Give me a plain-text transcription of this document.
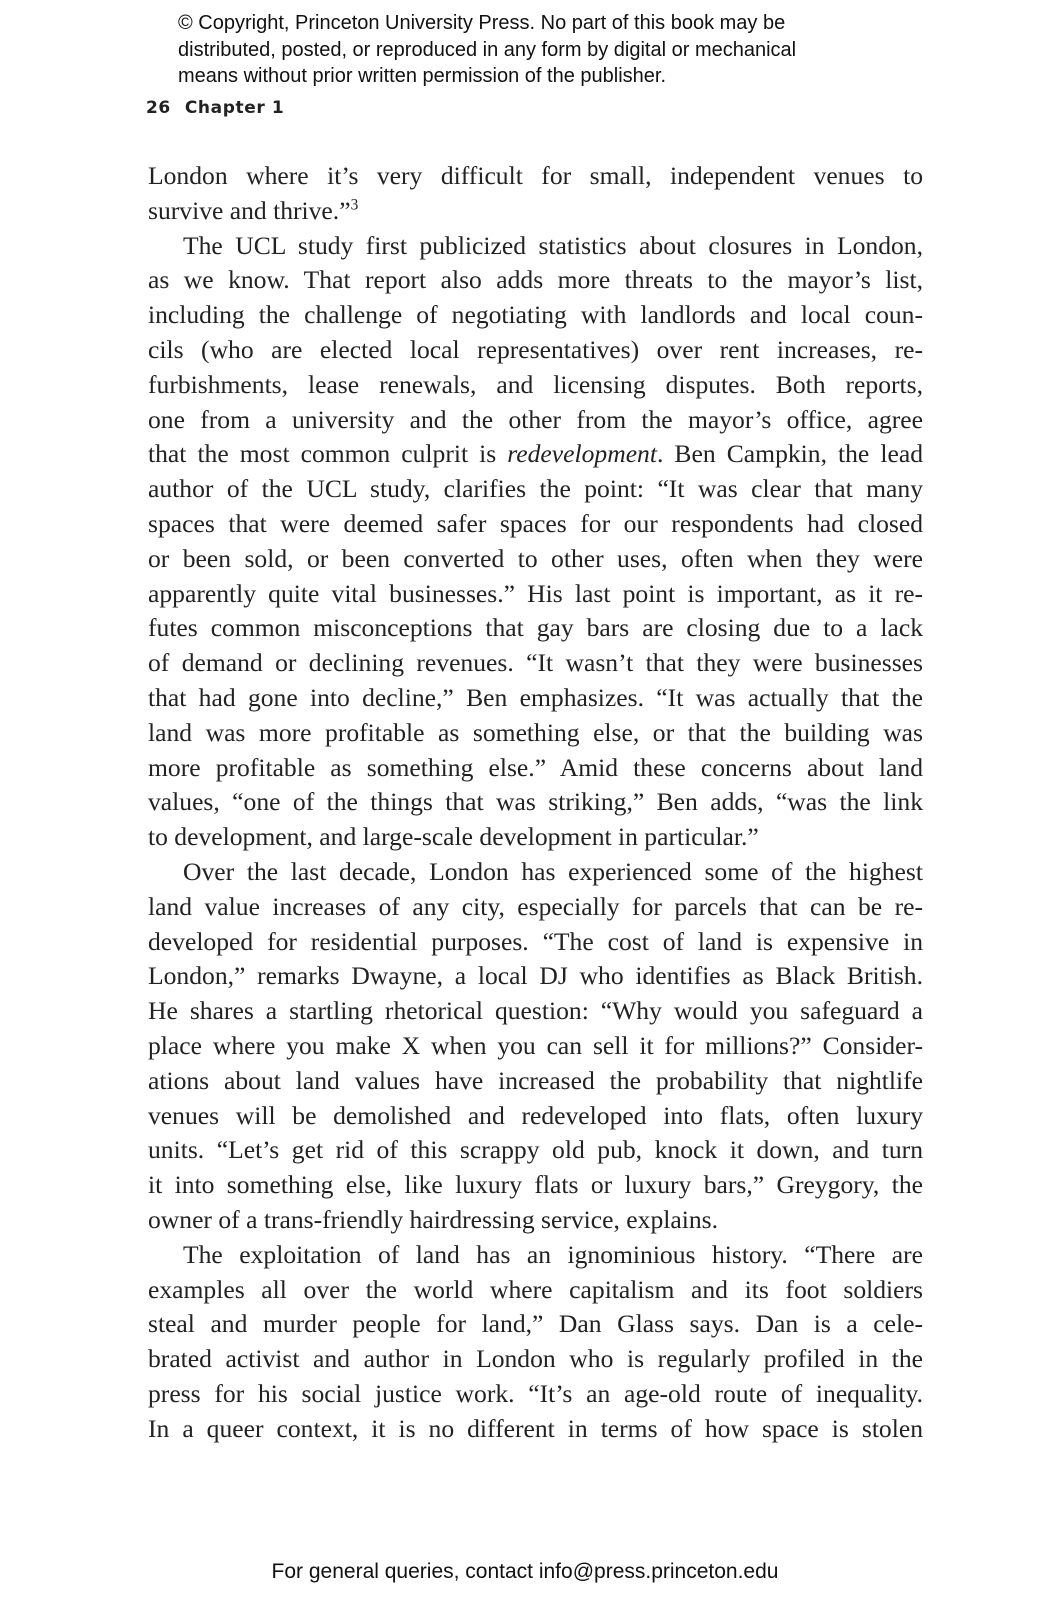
© Copyright, Princeton University Press. No part of this book may be
distributed, posted, or reproduced in any form by digital or mechanical
means without prior written permission of the publisher.
26 Chapter 1
London where it’s very difficult for small, independent venues to
survive and thrive.”$^3$
The UCL study first publicized statistics about closures in London,
as we know. That report also adds more threats to the mayor’s list,
including the challenge of negotiating with landlords and local coun-
cils (who are elected local representatives) over rent increases, re-
furbishments, lease renewals, and licensing disputes. Both reports,
one from a university and the other from the mayor’s office, agree
that the most common culprit is redevelopment. Ben Campkin, the lead
author of the UCL study, clarifies the point: “It was clear that many
spaces that were deemed safer spaces for our respondents had closed
or been sold, or been converted to other uses, often when they were
apparently quite vital businesses.” His last point is important, as it re-
futes common misconceptions that gay bars are closing due to a lack
of demand or declining revenues. “It wasn’t that they were businesses
that had gone into decline,” Ben emphasizes. “It was actually that the
land was more profitable as something else, or that the building was
more profitable as something else.” Amid these concerns about land
values, “one of the things that was striking,” Ben adds, “was the link
to development, and large-scale development in particular.”
Over the last decade, London has experienced some of the highest
land value increases of any city, especially for parcels that can be re-
developed for residential purposes. “The cost of land is expensive in
London,” remarks Dwayne, a local DJ who identifies as Black British.
He shares a startling rhetorical question: “Why would you safeguard a
place where you make X when you can sell it for millions?” Consider-
ations about land values have increased the probability that nightlife
venues will be demolished and redeveloped into flats, often luxury
units. “Let’s get rid of this scrappy old pub, knock it down, and turn
it into something else, like luxury flats or luxury bars,” Greygory, the
owner of a trans-friendly hairdressing service, explains.
The exploitation of land has an ignominious history. “There are
examples all over the world where capitalism and its foot soldiers
steal and murder people for land,” Dan Glass says. Dan is a cele-
brated activist and author in London who is regularly profiled in the
press for his social justice work. “It’s an age-old route of inequality.
In a queer context, it is no different in terms of how space is stolen
For general queries, contact info@press.princeton.edu
